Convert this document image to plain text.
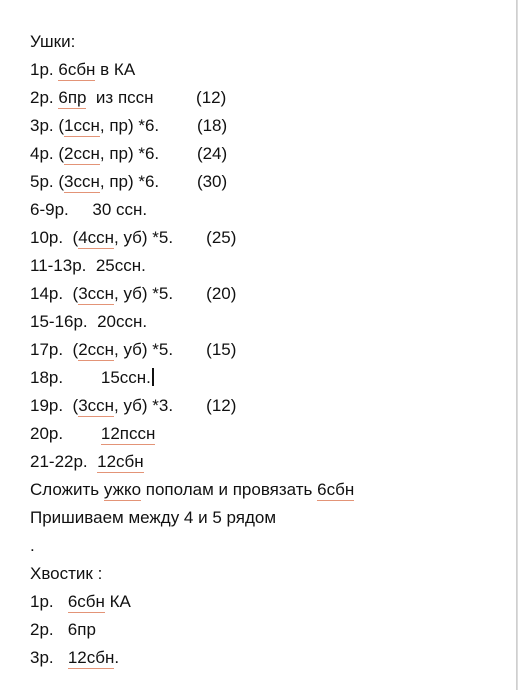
Ушки:
1р. 6сбн в КА
2р. 6пр  из пссн         (12)
3р. (1ссн, пр) *6.        (18)
4р. (2ссн, пр) *6.        (24)
5р. (3ссн, пр) *6.        (30)
6-9р.     30 ссн.
10р.  (4ссн, уб) *5.       (25)
11-13р.  25ссн.
14р.  (3ссн, уб) *5.       (20)
15-16р.  20ссн.
17р.  (2ссн, уб) *5.       (15)
18р.        15ссн.
19р.  (3ссн, уб) *3.       (12)
20р.        12пссн
21-22р.  12сбн
Сложить ужко пополам и провязать 6сбн
Пришиваем между 4 и 5 рядом
.
Хвостик :
1р.   6сбн КА
2р.   6пр
3р.   12сбн.
